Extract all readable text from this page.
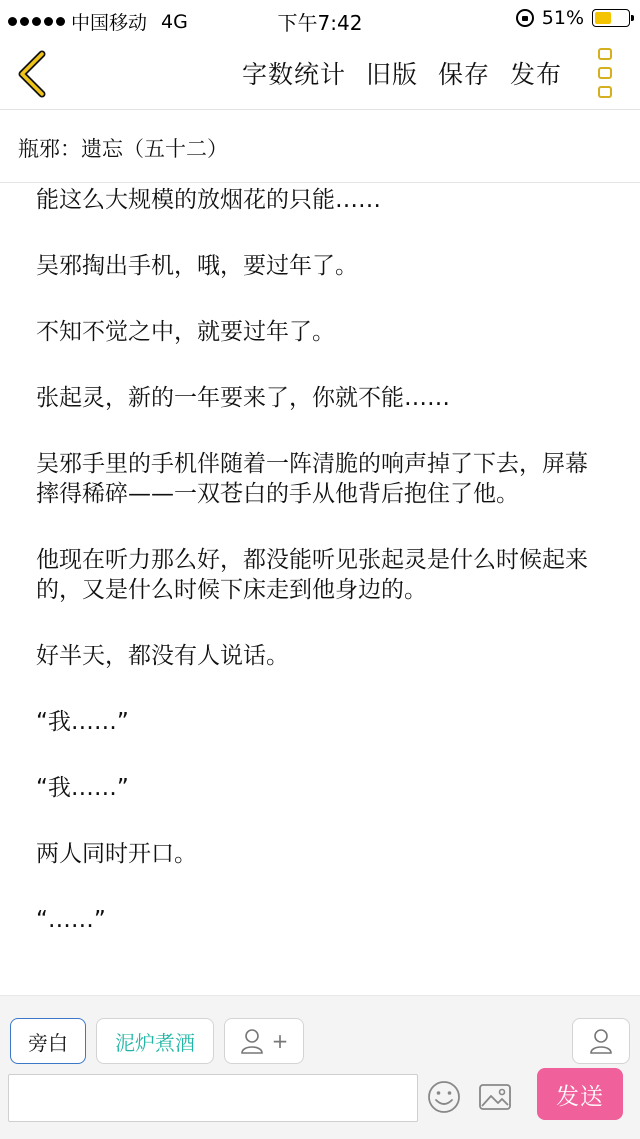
中国移动 4G	下午7:42	51%
字数统计 旧版 保存 发布
瓶邪：遗忘（五十二）

能这么大规模的放烟花的只能……

吴邪掏出手机，哦，要过年了。

不知不觉之中，就要过年了。

张起灵，新的一年要来了，你就不能……

吴邪手里的手机伴随着一阵清脆的响声掉了下去，屏幕摔得稀碎——一双苍白的手从他背后抱住了他。

他现在听力那么好，都没能听见张起灵是什么时候起来的，又是什么时候下床走到他身边的。

好半天，都没有人说话。

“我……”

“我……”

两人同时开口。

“……”

旁白	泥炉煮酒	+
发送
